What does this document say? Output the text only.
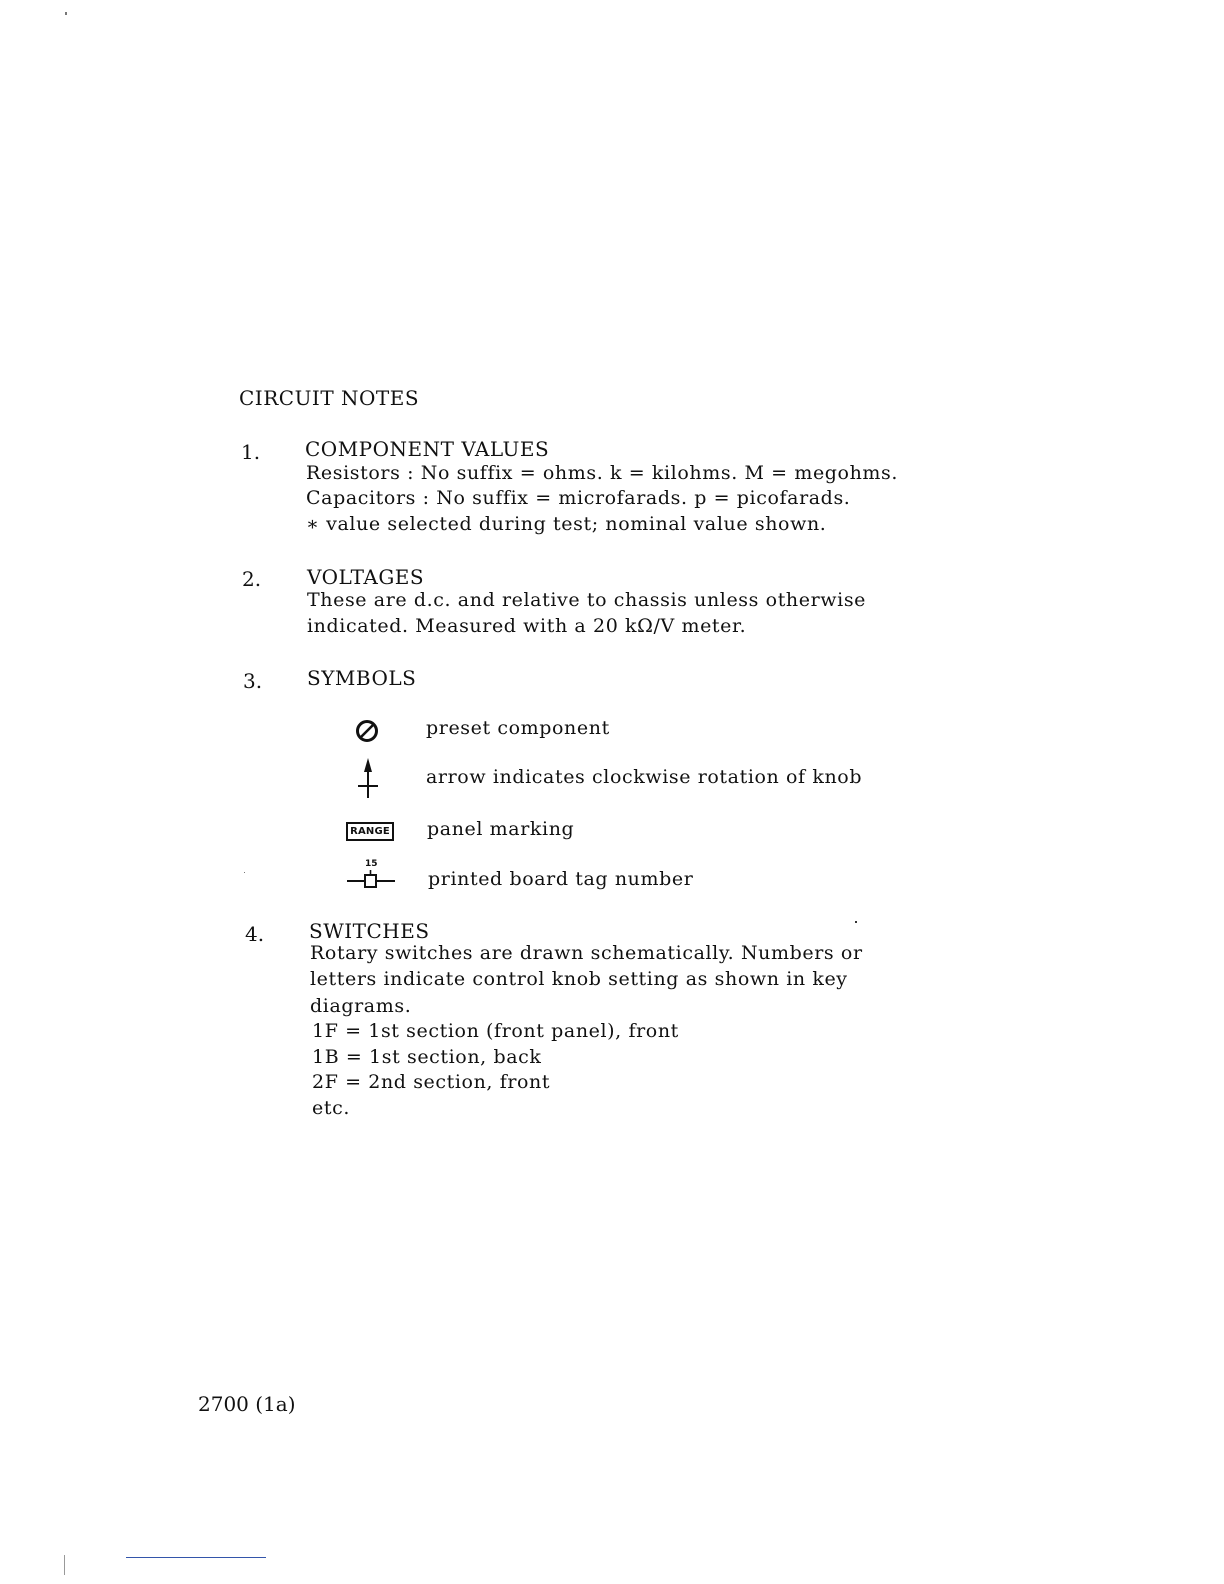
CIRCUIT NOTES
1. COMPONENT VALUES
Resistors : No suffix = ohms. k = kilohms. M = megohms.
Capacitors : No suffix = microfarads. p = picofarads.
∗ value selected during test; nominal value shown.
2. VOLTAGES
These are d.c. and relative to chassis unless otherwise
indicated. Measured with a 20 kΩ/V meter.
3. SYMBOLS
preset component
arrow indicates clockwise rotation of knob
RANGE panel marking
15
printed board tag number
4. SWITCHES
Rotary switches are drawn schematically. Numbers or
letters indicate control knob setting as shown in key
diagrams.
1F = 1st section (front panel), front
1B = 1st section, back
2F = 2nd section, front
etc.
2700 (1a)
